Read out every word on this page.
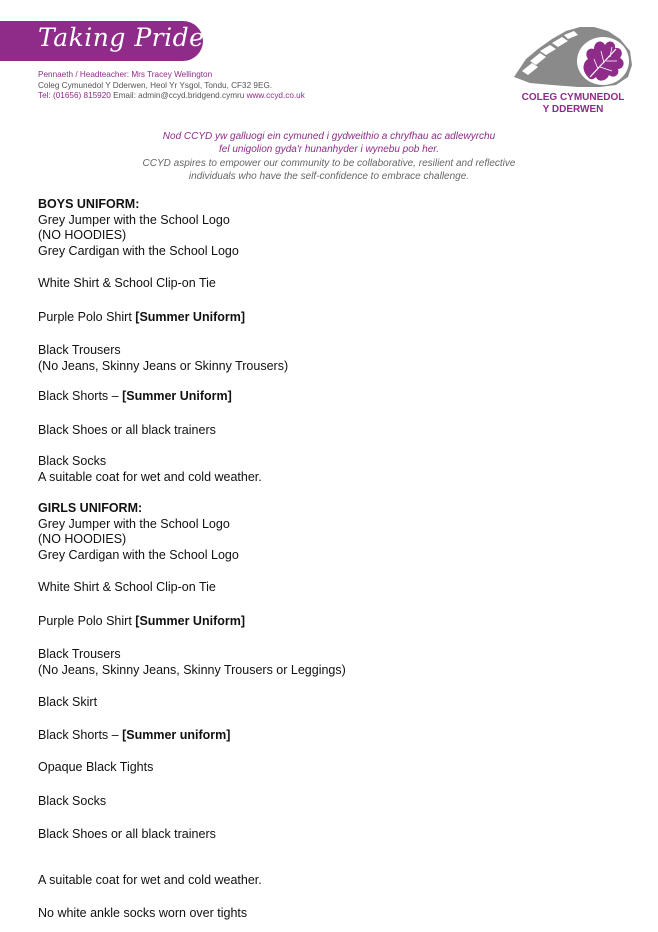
Taking Pride
Pennaeth / Headteacher: Mrs Tracey Wellington
Coleg Cymunedol Y Dderwen, Heol Yr Ysgol, Tondu, CF32 9EG.
Tel: (01656) 815920 Email: admin@ccyd.bridgend.cymru www.ccyd.co.uk	COLEG CYMUNEDOL
Y DDERWEN
Nod CCYD yw galluogi ein cymuned i gydweithio a chryfhau ac adlewyrchu
fel unigolion gyda'r hunanhyder i wynebu pob her.
CCYD aspires to empower our community to be collaborative, resilient and reflective
individuals who have the self-confidence to embrace challenge.

BOYS UNIFORM:

Grey Jumper with the School Logo

(NO HOODIES)

Grey Cardigan with the School Logo

White Shirt & School Clip-on Tie

Purple Polo Shirt [Summer Uniform]

Black Trousers

(No Jeans, Skinny Jeans or Skinny Trousers)

Black Shorts – [Summer Uniform]

Black Shoes or all black trainers

Black Socks

A suitable coat for wet and cold weather.

GIRLS UNIFORM:

Grey Jumper with the School Logo

(NO HOODIES)

Grey Cardigan with the School Logo

White Shirt & School Clip-on Tie

Purple Polo Shirt [Summer Uniform]

Black Trousers

(No Jeans, Skinny Jeans, Skinny Trousers or Leggings)

Black Skirt

Black Shorts – [Summer uniform]

Opaque Black Tights

Black Socks

Black Shoes or all black trainers

A suitable coat for wet and cold weather.

No white ankle socks worn over tights
